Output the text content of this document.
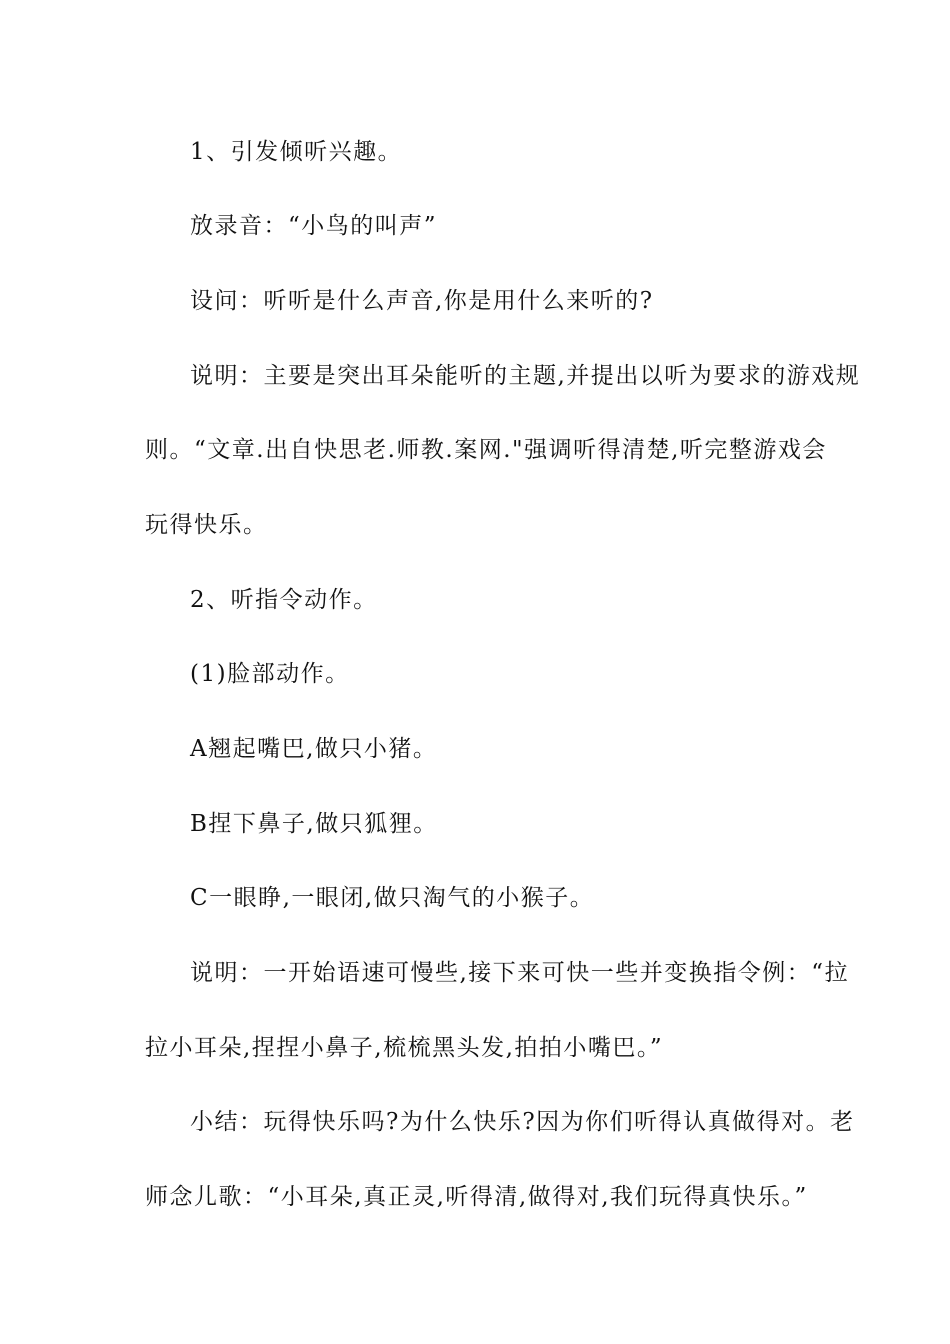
1、引发倾听兴趣。
放录音：“小鸟的叫声”
设问：听听是什么声音,你是用什么来听的?
说明：主要是突出耳朵能听的主题,并提出以听为要求的游戏规
则。“文章.出自快思老.师教.案网."强调听得清楚,听完整游戏会
玩得快乐。
2、听指令动作。
(1)脸部动作。
A翘起嘴巴,做只小猪。
B捏下鼻子,做只狐狸。
C一眼睁,一眼闭,做只淘气的小猴子。
说明：一开始语速可慢些,接下来可快一些并变换指令例：“拉
拉小耳朵,捏捏小鼻子,梳梳黑头发,拍拍小嘴巴。”
小结：玩得快乐吗?为什么快乐?因为你们听得认真做得对。老
师念儿歌：“小耳朵,真正灵,听得清,做得对,我们玩得真快乐。”
